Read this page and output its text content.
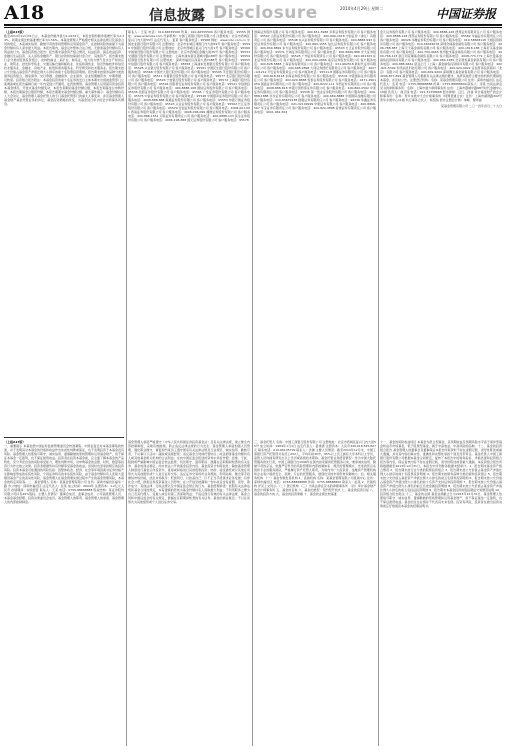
A18	信息披露 Disclosure	2014年4月29日 星期二	中国证券报
（上接A17版）
截至2013年12月31日止，本基金份额净值为1.0234元，本报告期份额净值增长率为2.34%，同期业绩比较基准增长率为1.56%。本基金管理人严格遵守相关法律法规以及基金合同的规定，本着诚实信用、勤勉尽责的原则管理和运用基金资产，在控制风险的前提下为基金份额持有人谋求最大利益。本报告期内，基金运作整体合法合规，无损害基金份额持有人利益的行为。基金投资组合报告：报告期末基金资产组合情况，权益投资、固定收益投资、金融衍生品投资、买入返售金融资产、银行存款和结算备付金合计、其他资产。报告期末按行业分类的股票投资组合，农林牧渔业、采矿业、制造业、电力热力燃气及水生产和供应业、建筑业、批发和零售业、交通运输仓储和邮政业、住宿和餐饮业、信息传输软件和信息技术服务业、金融业、房地产业、租赁和商务服务业、科学研究和技术服务业。报告期末按公允价值占基金资产净值比例大小排序的前十名股票投资明细。报告期末按债券品种分类的债券投资组合，国家债券、央行票据、金融债券、企业债券、企业短期融资券、中期票据、可转债。投资组合报告附注：本基金投资的前十名证券的发行主体本期未出现被监管部门立案调查或在报告编制日前一年内受到公开谴责、处罚的情形。基金管理人运用固有资金投资本基金情况。开放式基金份额变动，本报告期期初基金份额总额，本报告期基金总申购份额，本报告期基金总赎回份额，本报告期期末基金份额总额。重大事件揭示：基金份额持有人大会决议、基金管理人基金托管人的专门基金托管部门的重大人事变动、涉及基金管理人基金财产基金托管业务的诉讼、基金投资策略的改变、为基金进行审计的会计师事务所情况。
联系人：王某 电话：010-66555566 传真：010-66555500 客户服务电话：95555 网址：www.example.com 代销机构：中国工商银行股份有限公司 注册地址：北京市西城区复兴门内大街55号 法定代表人：姜某 客户服务电话：95588 网址：www.icbc.com.cn 中国农业银行股份有限公司 注册地址：北京市东城区建国门内大街69号 客户服务电话：95599 中国银行股份有限公司 注册地址：北京市西城区复兴门内大街1号 客户服务电话：95566 中国建设银行股份有限公司 注册地址：北京市西城区金融大街25号 客户服务电话：95533 交通银行股份有限公司 注册地址：上海市浦东新区银城中路188号 客户服务电话：95559 招商银行股份有限公司 注册地址：深圳市福田区深南大道7088号 客户服务电话：95555 中信银行股份有限公司 客户服务电话：95558 上海浦东发展银行股份有限公司 客户服务电话：95528 兴业银行股份有限公司 客户服务电话：95561 中国民生银行股份有限公司 客户服务电话：95568 中国光大银行股份有限公司 客户服务电话：95595 平安银行股份有限公司 客户服务电话：95511 华夏银行股份有限公司 客户服务电话：95577 北京银行股份有限公司 客户服务电话：95526 宁波银行股份有限公司 客户服务电话：95574 上海银行股份有限公司 客户服务电话：95594 国泰君安证券股份有限公司 客户服务电话：95521 中信建投证券股份有限公司 客户服务电话：400-8888-108 国信证券股份有限公司 客户服务电话：95536 招商证券股份有限公司 客户服务电话：95565 广发证券股份有限公司 客户服务电话：95575 中信证券股份有限公司 客户服务电话：95548 中国银河证券股份有限公司 客户服务电话：4008-888-888 海通证券股份有限公司 客户服务电话：95553 申银万国证券股份有限公司 客户服务电话：95523 兴业证券股份有限公司 客户服务电话：95562 长江证券股份有限公司 客户服务电话：95579 安信证券股份有限公司 客户服务电话：4008-001-001 西南证券股份有限公司 客户服务电话：4008-096-096 湘财证券股份有限公司 客户服务电话：400-888-1551 万联证券有限责任公司 客户服务电话：400-8888-133 民生证券股份有限公司 客户服务电话：4006-198-888 国元证券股份有限公司 客户服务电话：95578
渤海证券股份有限公司 客户服务电话：400-651-5988 华泰证券股份有限公司 客户服务电话：95597 山西证券股份有限公司 客户服务电话：400-666-1618 中信证券（浙江）有限责任公司 客户服务电话：95548 东兴证券股份有限公司 客户服务电话：400-8888-993 东吴证券股份有限公司 客户服务电话：400-860-1555 信达证券股份有限公司 客户服务电话：400-800-8899 东方证券股份有限公司 客户服务电话：95503 方正证券股份有限公司 客户服务电话：95571 长城证券有限责任公司 客户服务电话：400-6666-888 光大证券股份有限公司 客户服务电话：95525 广州证券有限责任公司 客户服务电话：020-961303 东北证券股份有限公司 客户服务电话：400-600-0686 南京证券股份有限公司 客户服务电话：400-828-5888 上海证券有限责任公司 客户服务电话：021-962518 新时代证券有限责任公司 客户服务电话：400-698-9898 大同证券经纪有限责任公司 客户服务电话：4007-121212 平安证券有限责任公司 客户服务电话：95511-8 国都证券有限责任公司 客户服务电话：400-818-8118 东海证券股份有限公司 客户服务电话：95531 中银国际证券有限责任公司 客户服务电话：400-620-8888 恒泰证券股份有限公司 客户服务电话：0471-4961259 国盛证券有限责任公司 客户服务电话：400-8222-111 华西证券有限责任公司 客户服务电话：4008-888-818 申银万国西部证券有限公司 客户服务电话：400-800-0562 中泰证券有限责任公司 客户服务电话：95538 第一创业证券股份有限公司 客户服务电话：400-888-1888 华龙证券有限责任公司 客户服务电话：400-689-8888 中国国际金融有限公司 客户服务电话：010-85679238 财通证券有限责任公司 客户服务电话：96336 华鑫证券有限责任公司 客户服务电话：021-32109999 中航证券有限公司 客户服务电话：400-8866-567 华宝证券有限责任公司 客户服务电话：400-820-9898 爱建证券有限责任公司 客户服务电话：4001-962-502
金元证券股份有限公司 客户服务电话：400-8888-228 德邦证券有限责任公司 客户服务电话：400-8888-128 西部证券股份有限公司 客户服务电话：95582 华福证券有限责任公司 客户服务电话：96326 华融证券股份有限公司 客户服务电话：010-58568118 天相投资顾问有限公司 客户服务电话：010-66045678 深圳众禄基金销售有限公司 客户服务电话：4006-788-887 上海天天基金销售有限公司 客户服务电话：400-1818-188 上海好买基金销售有限公司 客户服务电话：400-700-9665 杭州数米基金销售有限公司 客户服务电话：4000-766-123 浙江同花顺基金销售有限公司 客户服务电话：4008-773-772 上海长量基金销售投资顾问有限公司 客户服务电话：400-089-1289 北京展恒基金销售有限公司 客户服务电话：400-888-6661 诺亚正行（上海）基金销售投资顾问有限公司 客户服务电话：400-821-5399 和讯信息科技有限公司 客户服务电话：400-920-0022 宜信普泽投资顾问（北京）有限公司 客户服务电话：400-609-9200 深圳腾元基金销售有限公司 客户服务电话：4006-877-899 基金管理人可根据有关法律法规的要求，选择其他符合要求的机构代理销售本基金，并及时公告。注册登记机构：名称：某基金管理有限公司 住所：深圳市福田区 法定代表人：张某 电话：0755-88888888 传真：0755-88888800 联系人：李某 出具法律意见书的律师事务所：名称：上海市通力律师事务所 住所：上海市银城中路68号时代金融中心19楼 负责人：俞卫锋 电话：021-31358666 经办律师：吕红、孙睿 审计基金财产的会计师事务所：名称：普华永道中天会计师事务所（特殊普通合伙）住所：上海市湖滨路202号普华永道中心11楼 执行事务合伙人：杨绍信 经办注册会计师：单峰、曹翠丽
某基金管理有限公司 二〇一四年四月二十九日
（上接A17版）
一、重要提示 本基金经中国证券监督管理委员会核准募集。中国证监会对本基金募集的核准，并不表明其对本基金的价值和收益作出实质性判断或保证，也不表明投资于本基金没有风险。基金管理人依照恪尽职守、诚实信用、谨慎勤勉的原则管理和运用基金财产，但不保证本基金一定盈利，也不保证最低收益。投资者在投资本基金前，应全面了解本基金的产品特性，充分考虑自身的风险承受能力，理性判断市场，对申购基金的意愿、时机、数量等投资行为作出独立决策。投资者根据所持有份额享受基金的收益，但同时也需承担相应的投资风险。投资本基金可能遇到的风险包括：因整体政治、经济、社会等环境因素对证券价格产生影响而形成的系统性风险，个别证券特有的非系统性风险，由于基金份额持有人连续大量赎回基金产生的流动性风险，基金管理人在基金管理实施过程中产生的基金管理风险，本基金的特定风险等。二、基金管理人 名称：某基金管理有限公司 住所：深圳市福田区福华一路 办公地址：深圳市福田区 法定代表人：张某 成立时间：2004年 注册资本：1.2亿元人民币 存续期间：持续经营 联系人：王某 电话：0755-88888888 股权结构：某证券股份有限公司持有49%股权。主要人员情况：董事会成员、监事会成员、公司高级管理人员、本基金基金经理、投资决策委员会成员。基金管理人的职责、基金管理人的承诺、基金管理人的内部控制制度。
基金管理人承诺严格遵守《中华人民共和国证券投资基金法》及有关法律法规，建立健全内部控制制度，采取有效措施，防止违反法律法规的行为发生。基金管理人承诺加强人员管理，强化职业操守，督促和约束员工遵守国家有关法律法规及行业规范，诚实信用、勤勉尽责，不从事以下活动：越权或违规经营；违反基金合同或托管协议；故意损害基金份额持有人或其他基金相关机构的合法利益；在向中国证监会报送的资料中弄虚作假；拒绝、干扰、阻挠或严重影响中国证监会依法监管；玩忽职守、滥用职权；泄露在任职期间知悉的有关证券、基金的商业秘密，尚未依法公开的基金投资内容、基金投资计划等信息；除按基金管理人制度进行基金运作投资外，直接或间接进行其他股票投资；协助、接受委托或以其他任何形式为其他组织或个人进行证券交易；违反证券交易场所业务规则，利用对敲、倒仓等手段操纵市场价格，扰乱市场秩序；贬损同行，以抬高自己；以不正当手段谋求业务发展；有悖社会公德，损害证券投资基金人员形象；在公开信息披露和广告中故意含有虚假、误导、欺诈成分；其他法律、行政法规以及中国证监会禁止的行为。基金经理承诺：依照有关法律法规和基金合同的规定，本着谨慎的原则为基金份额持有人谋取最大利益；不利用职务之便为自己及其代理人、受雇人或任何第三者谋取利益；不违反现行有效的有关法律法规、基金合同和中国证监会的有关规定，泄漏在任职期间知悉的有关证券、基金的商业秘密；不以任何形式为其他组织或个人进行证券交易。
三、基金托管人 名称：中国工商银行股份有限公司 注册地址：北京市西城区复兴门内大街55号 成立时间：1984年1月1日 法定代表人：姜建清 注册资本：人民币349,018,545,827元 联系电话：010-66105799 联系人：洪渊 主要人员情况：截至2013年12月末，中国工商银行资产托管部共有员工202人，平均年龄30岁，95%以上员工拥有大学本科以上学历，高管人员均拥有研究生以上学历或高级技术职称。基金托管业务经营情况：作为中国大陆托管服务的先行者，中国工商银行自1998年在国内首家提供托管服务以来，秉承诚实信用、勤勉尽责的宗旨，依靠严密科学的风险管理和内部控制体系、规范的管理模式、先进的营运系统和专业的服务团队，严格履行资产托管人职责，为境内外广大投资者、金融资产管理机构和企业客户提供安全、高效、专业的托管服务，展现优异的市场形象和影响力。四、相关服务机构 （一）基金份额发售机构 1、直销机构 名称：某基金管理有限公司直销中心 住所：深圳市福田区 电话：0755-88888888 传真：0755-88888800 联系人：赵某 2、代销机构 详见上文列示。（二）登记机构 （三）出具法律意见书的律师事务所 （四）审计基金财产的会计师事务所 五、基金的名称 六、基金的类型：契约型开放式 七、基金的投资目标 八、基金的投资方向 九、基金的投资策略 十、基金的业绩比较基准
十一、基金的风险收益特征 本基金为混合型基金，其预期收益及预期风险水平高于债券型基金和货币市场基金，低于股票型基金，属于中高收益、中高风险的品种。十二、基金的投资组合报告 基金管理人的董事会及董事保证本报告所载资料不存在虚假记载、误导性陈述或重大遗漏，并对其内容的真实性、准确性和完整性承担个别及连带责任。基金托管人中国工商银行股份有限公司根据本基金合同规定，复核了本报告中的财务指标、净值表现和投资组合报告等内容，保证复核内容不存在虚假记载、误导性陈述或者重大遗漏。本投资组合报告所载数据截至2013年12月31日，本报告中所列财务数据未经审计。1、报告期末基金资产组合情况 2、报告期末按行业分类的股票投资组合 3、报告期末按公允价值占基金资产净值比例大小排序的前十名股票投资明细 4、报告期末按债券品种分类的债券投资组合 5、报告期末按公允价值占基金资产净值比例大小排名的前五名债券投资明细 6、报告期末按公允价值占基金资产净值比例大小排名的前十名资产支持证券投资明细 7、报告期末按公允价值占基金资产净值比例大小排名的前五名贵金属投资明细 8、报告期末按公允价值占基金资产净值比例大小排名的前五名权证投资明细 9、报告期末本基金投资的股指期货交易情况说明 10、投资组合报告附注 十三、基金的业绩 基金业绩截止日为2013年12月31日。基金管理人依照恪尽职守、诚实信用、谨慎勤勉的原则管理和运用基金财产，但不保证基金一定盈利，也不保证最低收益。基金的过往业绩并不代表其未来表现。投资有风险，投资者在做出投资决策前应仔细阅读本基金的招募说明书。
